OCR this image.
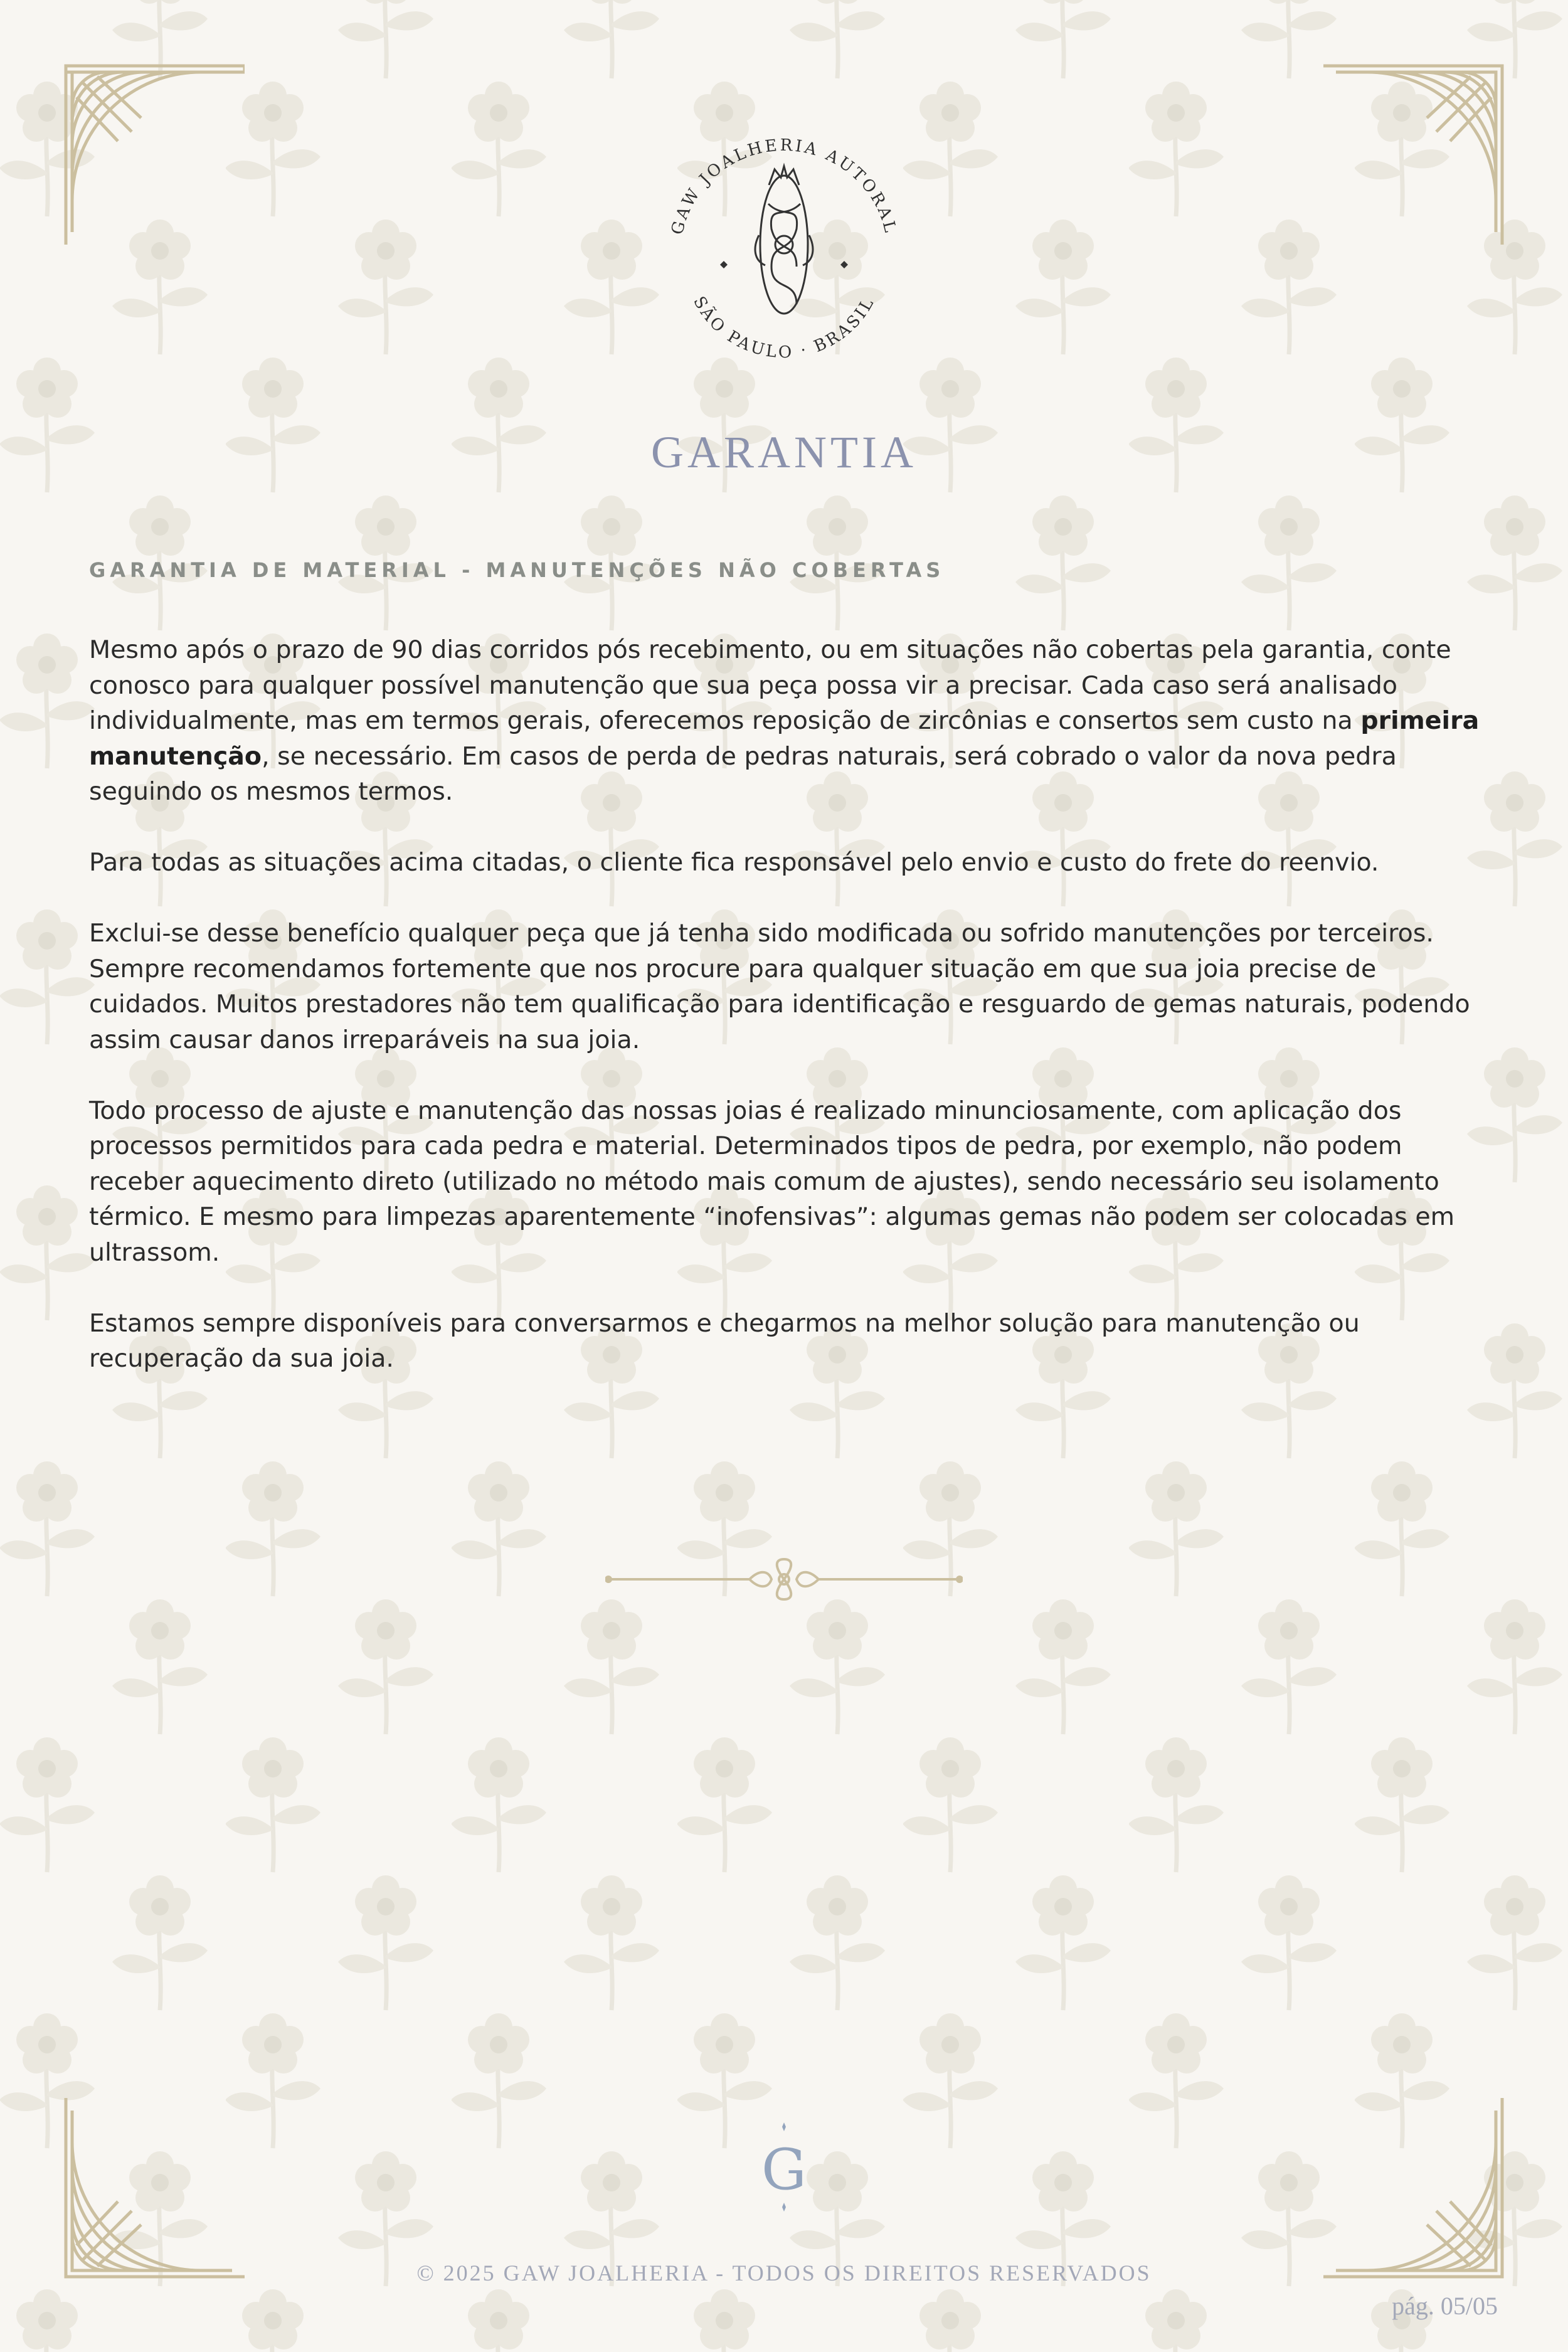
GAW JOALHERIA AUTORAL
SÃO PAULO · BRASIL
GARANTIA
GARANTIA DE MATERIAL - MANUTENÇÕES NÃO COBERTAS

Mesmo após o prazo de 90 dias corridos pós recebimento, ou em situações não cobertas pela garantia, conte conosco para qualquer possível manutenção que sua peça possa vir a precisar. Cada caso será analisado individualmente, mas em termos gerais, oferecemos reposição de zircônias e consertos sem custo na primeira manutenção, se necessário. Em casos de perda de pedras naturais, será cobrado o valor da nova pedra seguindo os mesmos termos.

Para todas as situações acima citadas, o cliente fica responsável pelo envio e custo do frete do reenvio.

Exclui-se desse benefício qualquer peça que já tenha sido modificada ou sofrido manutenções por terceiros. Sempre recomendamos fortemente que nos procure para qualquer situação em que sua joia precise de cuidados. Muitos prestadores não tem qualificação para identificação e resguardo de gemas naturais, podendo assim causar danos irreparáveis na sua joia.

Todo processo de ajuste e manutenção das nossas joias é realizado minunciosamente, com aplicação dos processos permitidos para cada pedra e material. Determinados tipos de pedra, por exemplo, não podem receber aquecimento direto (utilizado no método mais comum de ajustes), sendo necessário seu isolamento térmico. E mesmo para limpezas aparentemente “inofensivas”: algumas gemas não podem ser colocadas em ultrassom.

Estamos sempre disponíveis para conversarmos e chegarmos na melhor solução para manutenção ou recuperação da sua joia.

G
© 2025 GAW JOALHERIA - TODOS OS DIREITOS RESERVADOS
pág. 05/05
